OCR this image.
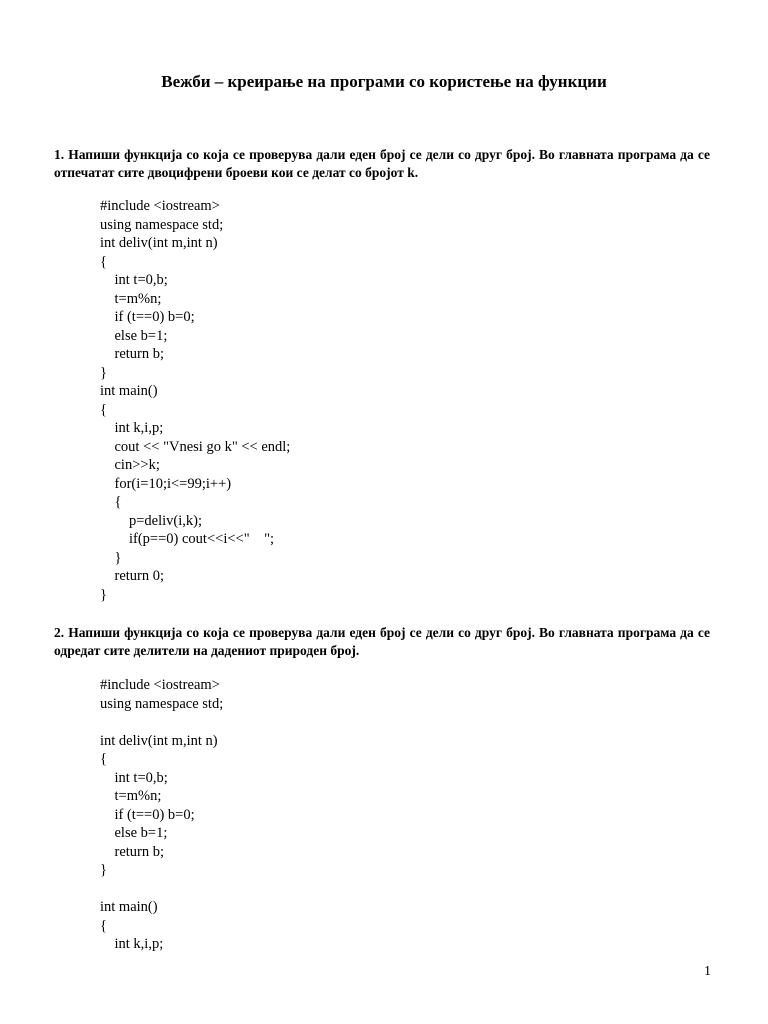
Вежби – креирање на програми со користење на функции
1. Напиши функција со која се проверува дали еден број се дели со друг број. Во главната програма да се отпечатат сите двоцифрени броеви кои се делат со бројот k.
#include <iostream>
using namespace std;
int deliv(int m,int n)
{
int t=0,b;
t=m%n;
if (t==0) b=0;
else b=1;
return b;
}
int main()
{
int k,i,p;
cout << "Vnesi go k" << endl;
cin>>k;
for(i=10;i<=99;i++)
{
p=deliv(i,k);
if(p==0) cout<<i<<"    ";
}
return 0;
}
2. Напиши функција со која се проверува дали еден број се дели со друг број. Во главната програма да се одредат сите делители на дадениот природен број.
#include <iostream>
using namespace std;
int deliv(int m,int n)
{
int t=0,b;
t=m%n;
if (t==0) b=0;
else b=1;
return b;
}
int main()
{
int k,i,p;
1
